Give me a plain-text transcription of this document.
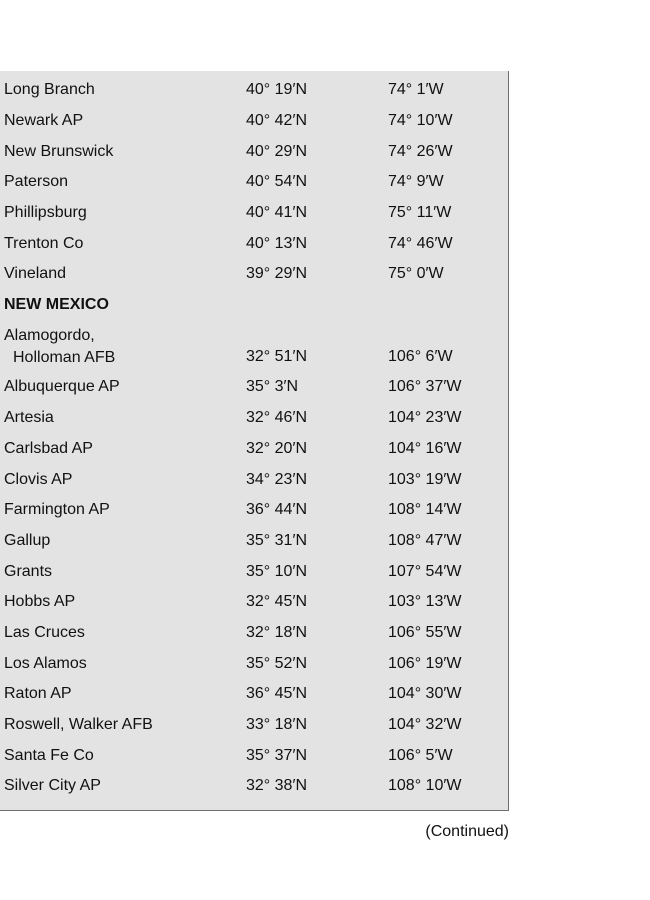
Long Branch	40° 19′N	74° 1′W
Newark AP	40° 42′N	74° 10′W
New Brunswick	40° 29′N	74° 26′W
Paterson	40° 54′N	74° 9′W
Phillipsburg	40° 41′N	75° 11′W
Trenton Co	40° 13′N	74° 46′W
Vineland	39° 29′N	75° 0′W
NEW MEXICO
Alamogordo,
Holloman AFB	32° 51′N	106° 6′W
Albuquerque AP	35° 3′N	106° 37′W
Artesia	32° 46′N	104° 23′W
Carlsbad AP	32° 20′N	104° 16′W
Clovis AP	34° 23′N	103° 19′W
Farmington AP	36° 44′N	108° 14′W
Gallup	35° 31′N	108° 47′W
Grants	35° 10′N	107° 54′W
Hobbs AP	32° 45′N	103° 13′W
Las Cruces	32° 18′N	106° 55′W
Los Alamos	35° 52′N	106° 19′W
Raton AP	36° 45′N	104° 30′W
Roswell, Walker AFB	33° 18′N	104° 32′W
Santa Fe Co	35° 37′N	106° 5′W
Silver City AP	32° 38′N	108° 10′W
(Continued)
